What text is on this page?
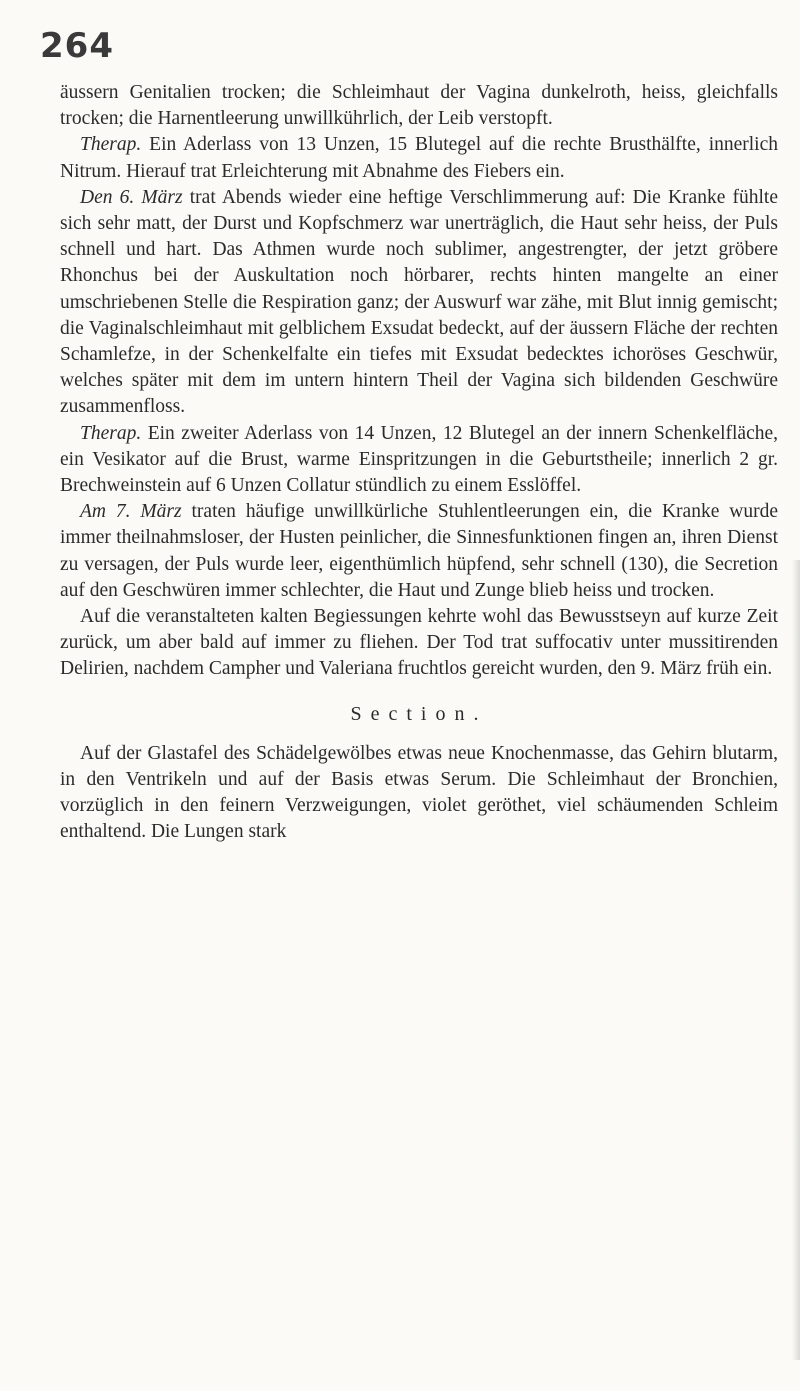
264

äussern Genitalien trocken; die Schleimhaut der Vagina dunkelroth, heiss, gleichfalls trocken; die Harnentleerung unwillkührlich, der Leib verstopft.

Therap. Ein Aderlass von 13 Unzen, 15 Blutegel auf die rechte Brusthälfte, innerlich Nitrum. Hierauf trat Erleichterung mit Abnahme des Fiebers ein.

Den 6. März trat Abends wieder eine heftige Verschlimmerung auf: Die Kranke fühlte sich sehr matt, der Durst und Kopfschmerz war unerträglich, die Haut sehr heiss, der Puls schnell und hart. Das Athmen wurde noch sublimer, angestrengter, der jetzt gröbere Rhonchus bei der Auskultation noch hörbarer, rechts hinten mangelte an einer umschriebenen Stelle die Respiration ganz; der Auswurf war zähe, mit Blut innig gemischt; die Vaginalschleimhaut mit gelblichem Exsudat bedeckt, auf der äussern Fläche der rechten Schamlefze, in der Schenkelfalte ein tiefes mit Exsudat bedecktes ichoröses Geschwür, welches später mit dem im untern hintern Theil der Vagina sich bildenden Geschwüre zusammenfloss.

Therap. Ein zweiter Aderlass von 14 Unzen, 12 Blutegel an der innern Schenkelfläche, ein Vesikator auf die Brust, warme Einspritzungen in die Geburtstheile; innerlich 2 gr. Brechweinstein auf 6 Unzen Collatur stündlich zu einem Esslöffel.

Am 7. März traten häufige unwillkürliche Stuhlentleerungen ein, die Kranke wurde immer theilnahmsloser, der Husten peinlicher, die Sinnesfunktionen fingen an, ihren Dienst zu versagen, der Puls wurde leer, eigenthümlich hüpfend, sehr schnell (130), die Secretion auf den Geschwüren immer schlechter, die Haut und Zunge blieb heiss und trocken.

Auf die veranstalteten kalten Begiessungen kehrte wohl das Bewusstseyn auf kurze Zeit zurück, um aber bald auf immer zu fliehen. Der Tod trat suffocativ unter mussitirenden Delirien, nachdem Campher und Valeriana fruchtlos gereicht wurden, den 9. März früh ein.

Section.

Auf der Glastafel des Schädelgewölbes etwas neue Knochenmasse, das Gehirn blutarm, in den Ventrikeln und auf der Basis etwas Serum. Die Schleimhaut der Bronchien, vorzüglich in den feinern Verzweigungen, violet geröthet, viel schäumenden Schleim enthaltend. Die Lungen stark
